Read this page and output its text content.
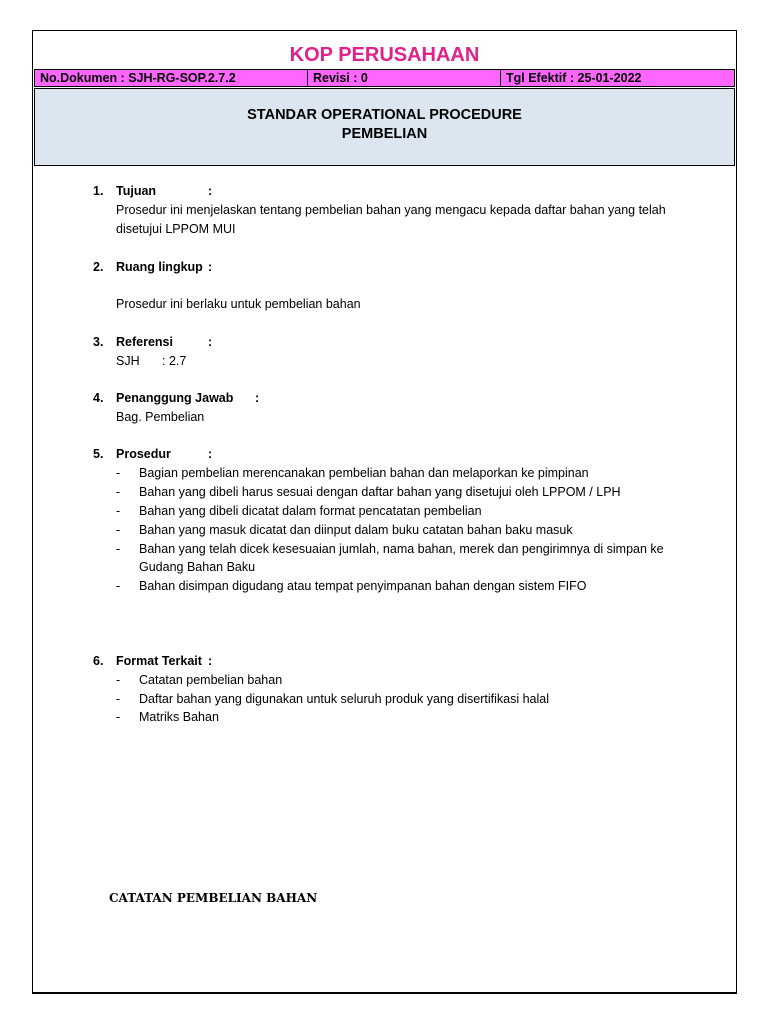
KOP PERUSAHAAN
No.Dokumen : SJH-RG-SOP.2.7.2	Revisi : 0	Tgl Efektif : 25-01-2022
STANDAR OPERATIONAL PROCEDURE
PEMBELIAN
1. Tujuan	:
Prosedur ini menjelaskan tentang pembelian bahan yang mengacu kepada daftar bahan yang telah
disetujui LPPOM MUI
2. Ruang lingkup :
Prosedur ini berlaku untuk pembelian bahan
3. Referensi	:
SJH : 2.7
4. Penanggung Jawab :
Bag. Pembelian
5. Prosedur	:
- Bagian pembelian merencanakan pembelian bahan dan melaporkan ke pimpinan
- Bahan yang dibeli harus sesuai dengan daftar bahan yang disetujui oleh LPPOM / LPH
- Bahan yang dibeli dicatat dalam format pencatatan pembelian
- Bahan yang masuk dicatat dan diinput dalam buku catatan bahan baku masuk
- Bahan yang telah dicek kesesuaian jumlah, nama bahan, merek dan pengirimnya di simpan ke
Gudang Bahan Baku
- Bahan disimpan digudang atau tempat penyimpanan bahan dengan sistem FIFO
6. Format Terkait :
- Catatan pembelian bahan
- Daftar bahan yang digunakan untuk seluruh produk yang disertifikasi halal
- Matriks Bahan
CATATAN PEMBELIAN BAHAN
